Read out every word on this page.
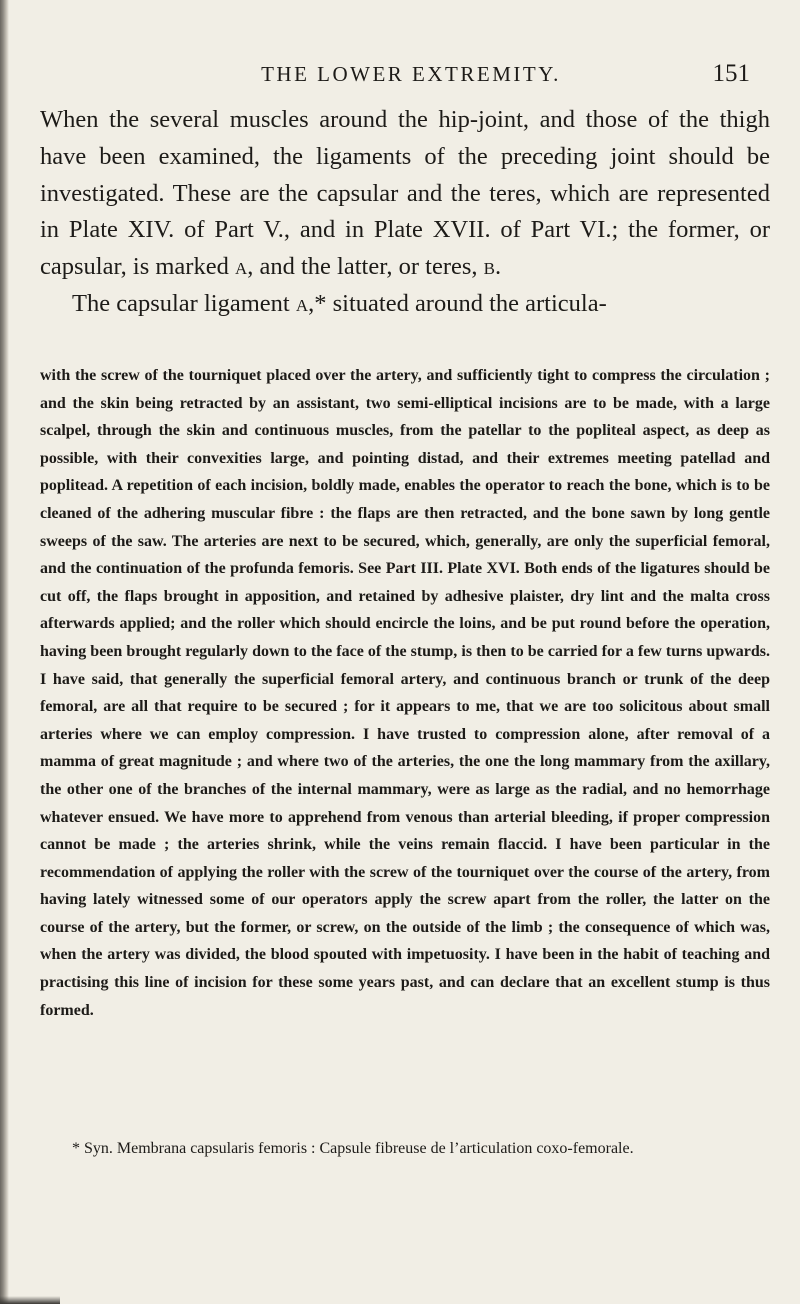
THE LOWER EXTREMITY.	151

When the several muscles around the hip-joint, and those of the thigh have been examined, the ligaments of the preceding joint should be investigated. These are the capsular and the teres, which are represented in Plate XIV. of Part V., and in Plate XVII. of Part VI.; the former, or capsular, is marked a, and the latter, or teres, b.

The capsular ligament a,* situated around the articula-

with the screw of the tourniquet placed over the artery, and sufficiently tight to compress the circulation ; and the skin being retracted by an assistant, two semi-elliptical incisions are to be made, with a large scalpel, through the skin and continuous muscles, from the patellar to the popliteal aspect, as deep as possible, with their convexities large, and pointing distad, and their extremes meeting patellad and poplitead. A repetition of each incision, boldly made, enables the operator to reach the bone, which is to be cleaned of the adhering muscular fibre : the flaps are then retracted, and the bone sawn by long gentle sweeps of the saw. The arteries are next to be secured, which, generally, are only the superficial femoral, and the continuation of the profunda femoris. See Part III. Plate XVI. Both ends of the ligatures should be cut off, the flaps brought in apposition, and retained by adhesive plaister, dry lint and the malta cross afterwards applied; and the roller which should encircle the loins, and be put round before the operation, having been brought regularly down to the face of the stump, is then to be carried for a few turns upwards. I have said, that generally the superficial femoral artery, and continuous branch or trunk of the deep femoral, are all that require to be secured ; for it appears to me, that we are too solicitous about small arteries where we can employ compression. I have trusted to compression alone, after removal of a mamma of great magnitude ; and where two of the arteries, the one the long mammary from the axillary, the other one of the branches of the internal mammary, were as large as the radial, and no hemorrhage whatever ensued. We have more to apprehend from venous than arterial bleeding, if proper compression cannot be made ; the arteries shrink, while the veins remain flaccid. I have been particular in the recommendation of applying the roller with the screw of the tourniquet over the course of the artery, from having lately witnessed some of our operators apply the screw apart from the roller, the latter on the course of the artery, but the former, or screw, on the outside of the limb ; the consequence of which was, when the artery was divided, the blood spouted with impetuosity. I have been in the habit of teaching and practising this line of incision for these some years past, and can declare that an excellent stump is thus formed.
* Syn. Membrana capsularis femoris : Capsule fibreuse de l’articulation coxo-femorale.
